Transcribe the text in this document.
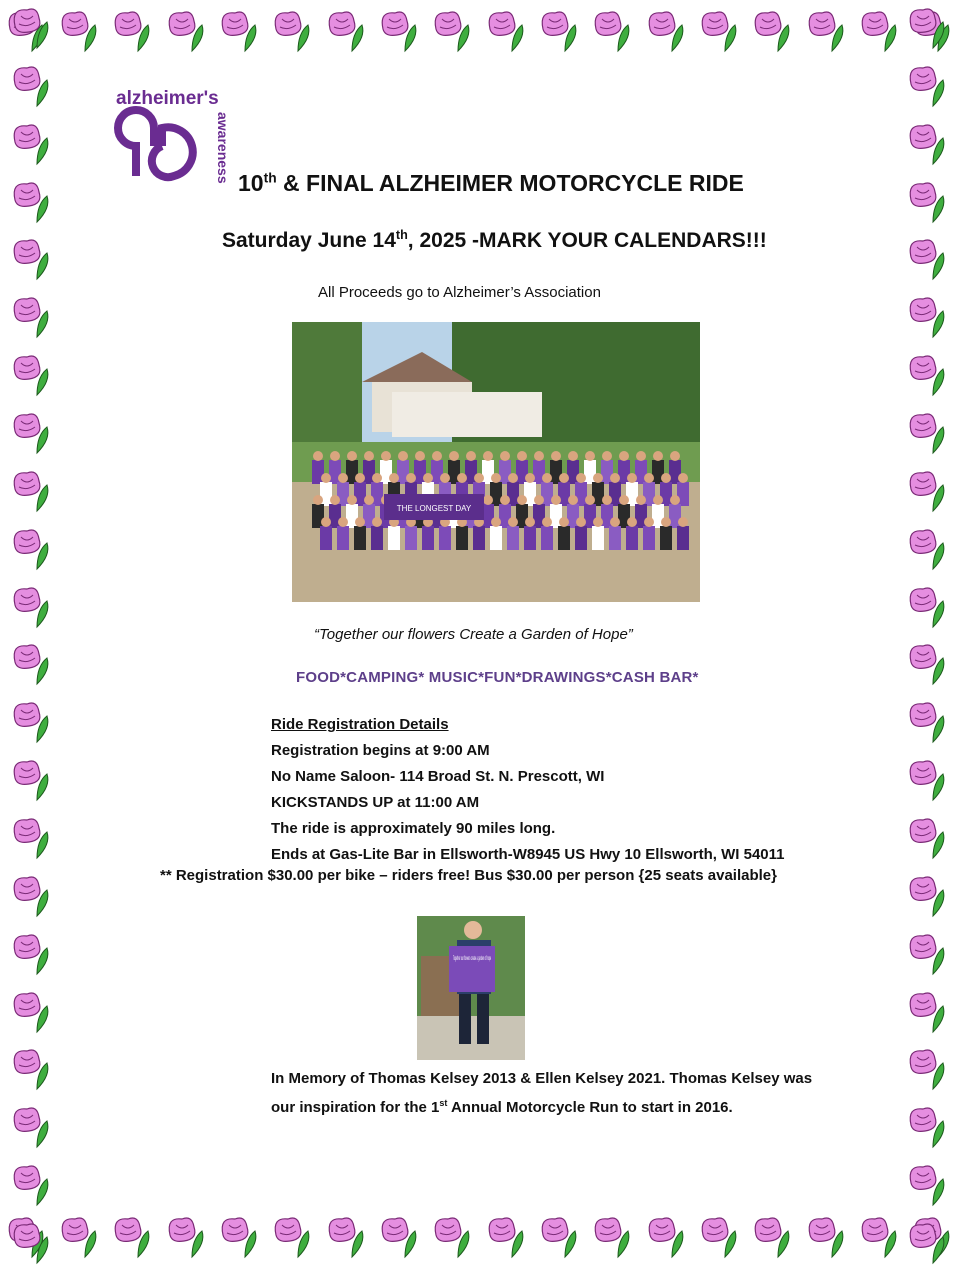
alzheimer's
awareness 10th & FINAL ALZHEIMER MOTORCYCLE RIDE
Saturday June 14th, 2025 -MARK YOUR CALENDARS!!!
All Proceeds go to Alzheimer’s Association
THE LONGEST DAY
“Together our flowers Create a Garden of Hope”
FOOD*CAMPING* MUSIC*FUN*DRAWINGS*CASH BAR*
Ride Registration Details
Registration begins at 9:00 AM
No Name Saloon- 114 Broad St. N. Prescott, WI
KICKSTANDS UP at 11:00 AM
The ride is approximately 90 miles long.
Ends at Gas-Lite Bar in Ellsworth-W8945 US Hwy 10 Ellsworth, WI 54011
** Registration $30.00 per bike – riders free! Bus $30.00 per person {25 seats available}
Together our flowers create a garden of hope
In Memory of Thomas Kelsey 2013 & Ellen Kelsey 2021. Thomas Kelsey was
our inspiration for the 1st Annual Motorcycle Run to start in 2016.
